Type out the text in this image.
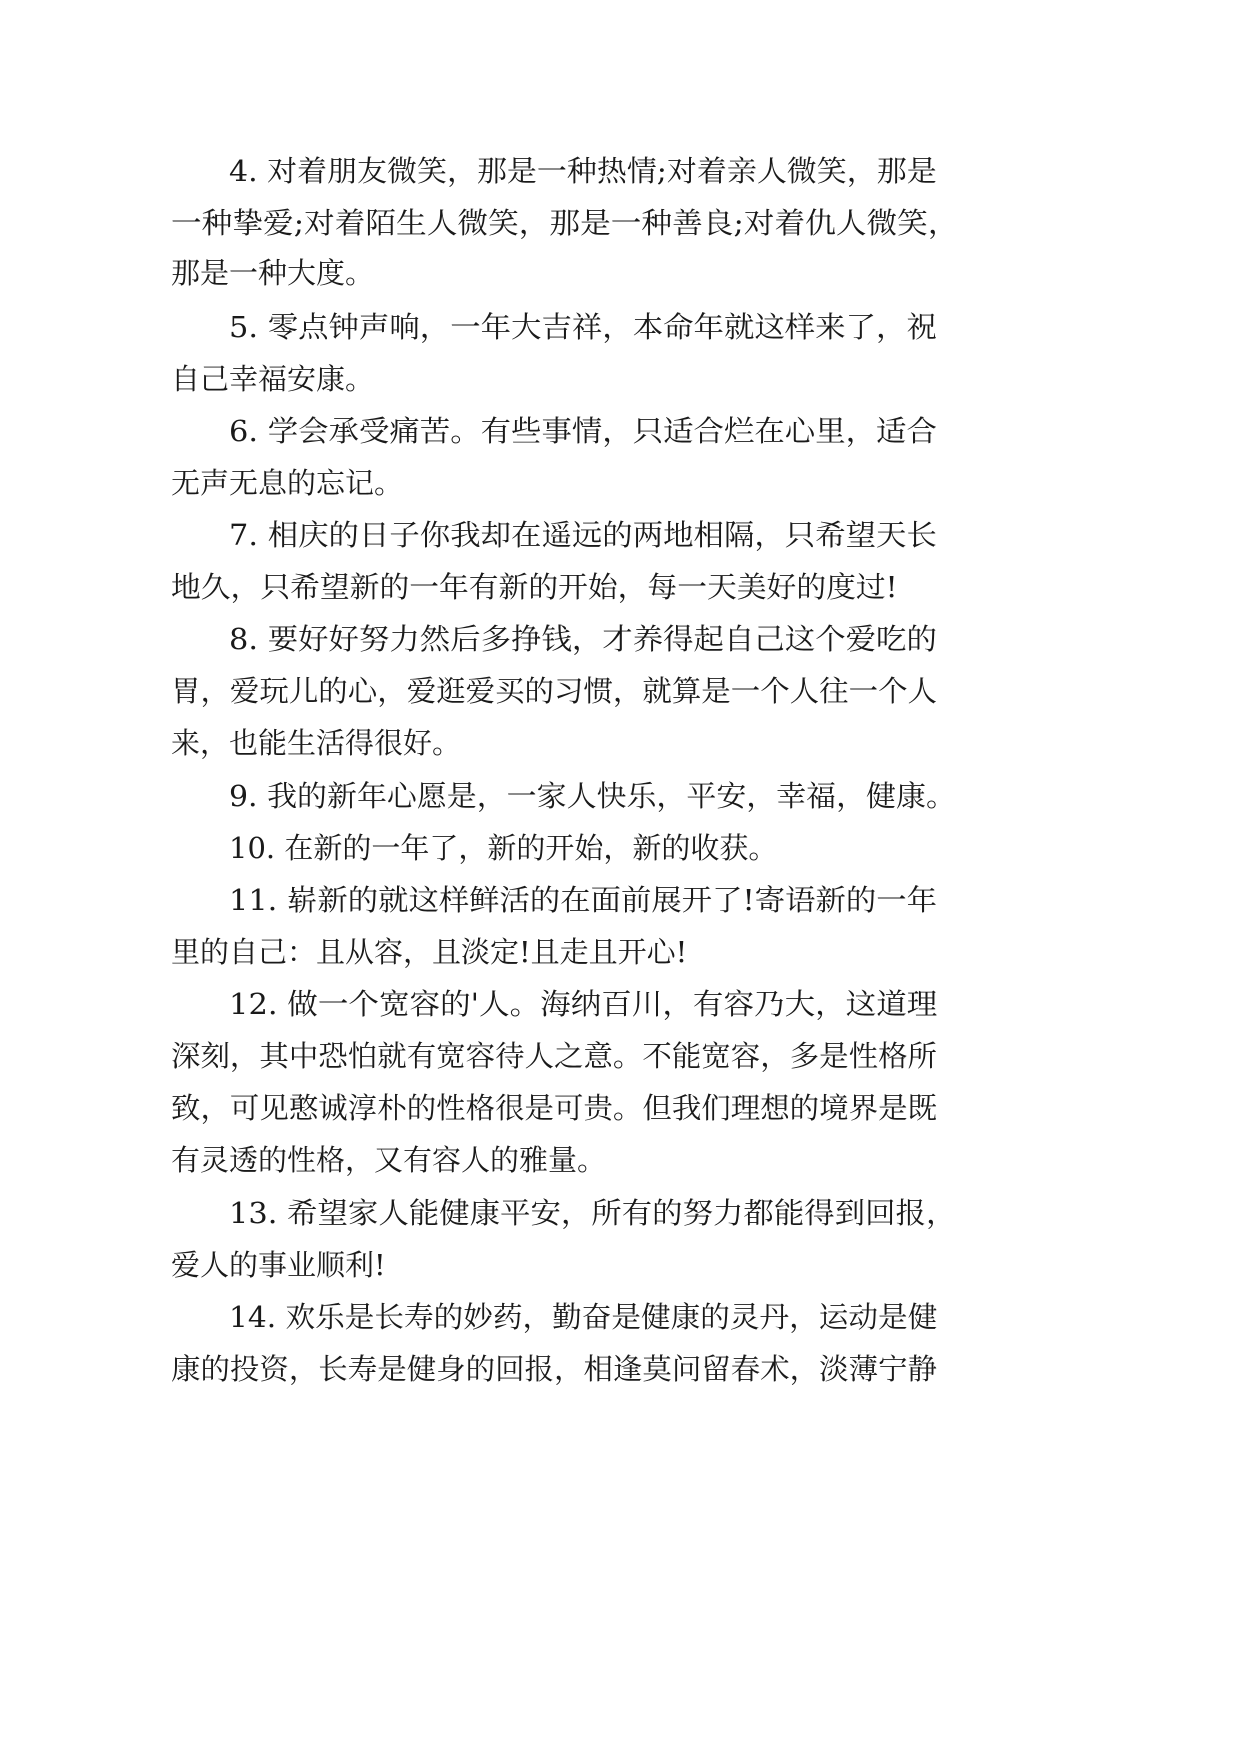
4. 对着朋友微笑，那是一种热情;对着亲人微笑，那是

一种挚爱;对着陌生人微笑，那是一种善良;对着仇人微笑，

那是一种大度。

5. 零点钟声响，一年大吉祥，本命年就这样来了，祝

自己幸福安康。

6. 学会承受痛苦。有些事情，只适合烂在心里，适合

无声无息的忘记。

7. 相庆的日子你我却在遥远的两地相隔，只希望天长

地久，只希望新的一年有新的开始，每一天美好的度过!

8. 要好好努力然后多挣钱，才养得起自己这个爱吃的

胃，爱玩儿的心，爱逛爱买的习惯，就算是一个人往一个人

来，也能生活得很好。

9. 我的新年心愿是，一家人快乐，平安，幸福，健康。

10. 在新的一年了，新的开始，新的收获。

11. 崭新的就这样鲜活的在面前展开了!寄语新的一年

里的自己：且从容，且淡定!且走且开心!

12. 做一个宽容的'人。海纳百川，有容乃大，这道理

深刻，其中恐怕就有宽容待人之意。不能宽容，多是性格所

致，可见憨诚淳朴的性格很是可贵。但我们理想的境界是既

有灵透的性格，又有容人的雅量。

13. 希望家人能健康平安，所有的努力都能得到回报，

爱人的事业顺利!

14. 欢乐是长寿的妙药，勤奋是健康的灵丹，运动是健

康的投资，长寿是健身的回报，相逢莫问留春术，淡薄宁静
